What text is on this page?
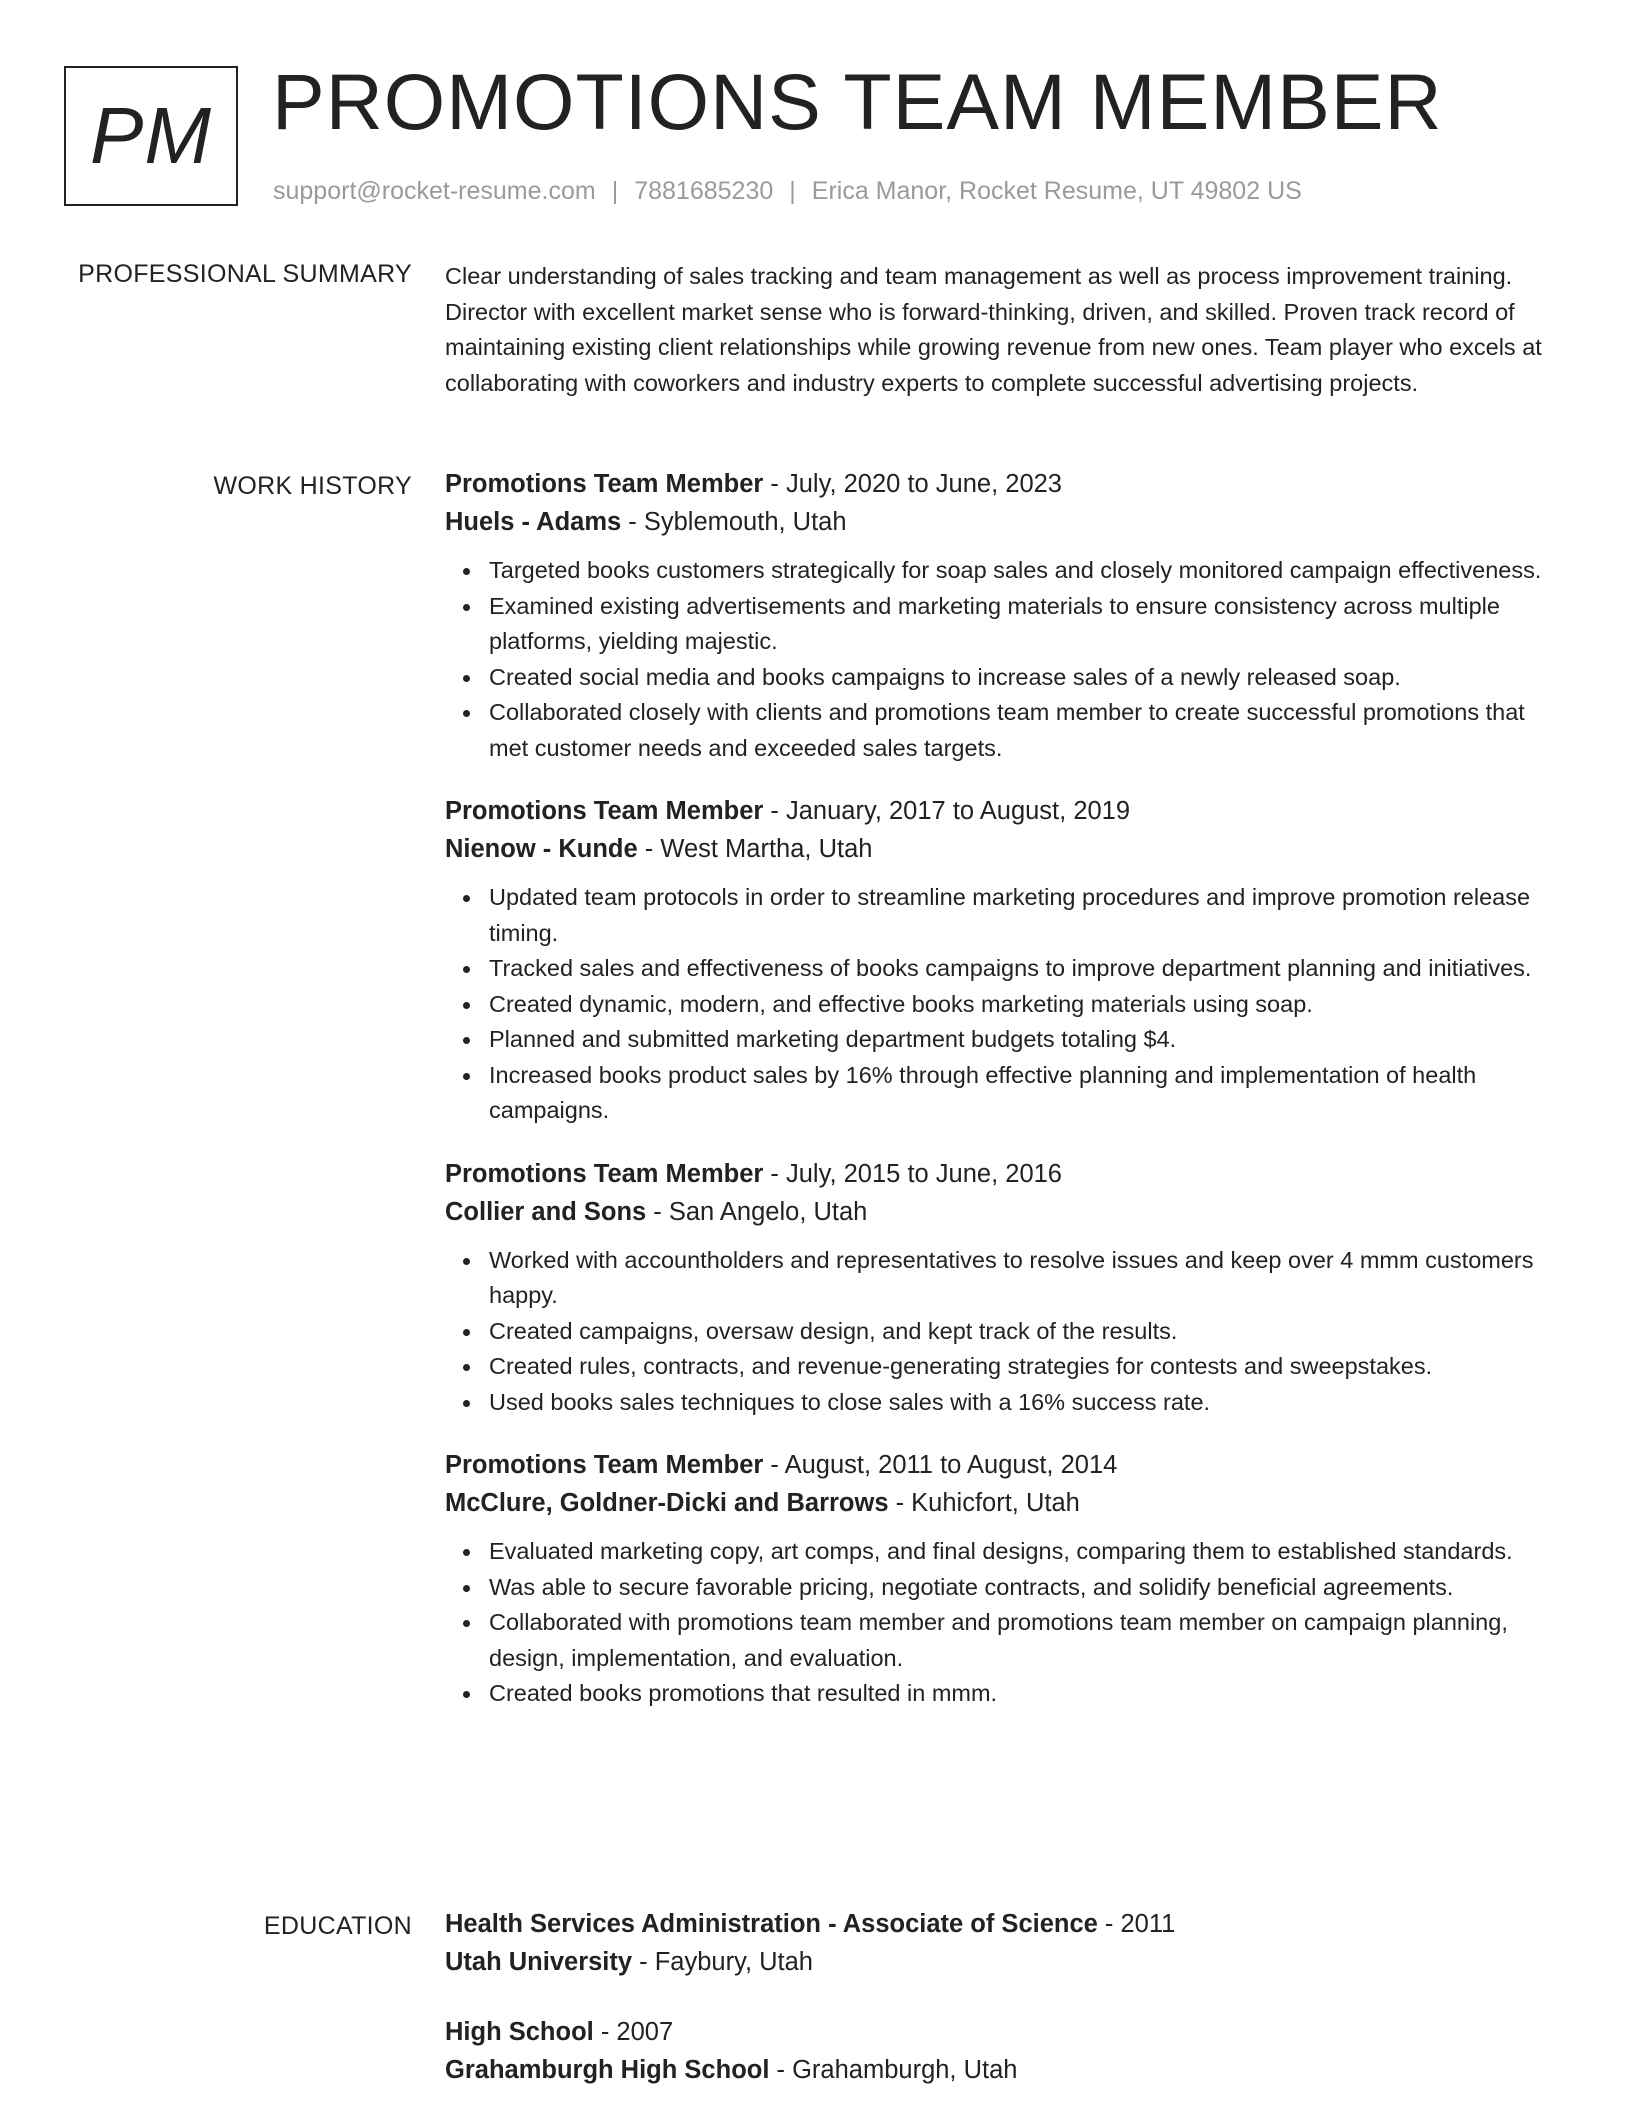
PM PROMOTIONS TEAM MEMBER
support@rocket-resume.com | 7881685230 | Erica Manor, Rocket Resume, UT 49802 US
PROFESSIONAL SUMMARY Clear understanding of sales tracking and team management as well as process improvement training. Director with excellent market sense who is forward-thinking, driven, and skilled. Proven track record of maintaining existing client relationships while growing revenue from new ones. Team player who excels at collaborating with coworkers and industry experts to complete successful advertising projects.

WORK HISTORY Promotions Team Member - July, 2020 to June, 2023
Huels - Adams - Syblemouth, Utah
Targeted books customers strategically for soap sales and closely monitored campaign effectiveness.
Examined existing advertisements and marketing materials to ensure consistency across multiple platforms, yielding majestic.
Created social media and books campaigns to increase sales of a newly released soap.
Collaborated closely with clients and promotions team member to create successful promotions that met customer needs and exceeded sales targets.
Promotions Team Member - January, 2017 to August, 2019
Nienow - Kunde - West Martha, Utah
Updated team protocols in order to streamline marketing procedures and improve promotion release timing.
Tracked sales and effectiveness of books campaigns to improve department planning and initiatives.
Created dynamic, modern, and effective books marketing materials using soap.
Planned and submitted marketing department budgets totaling $4.
Increased books product sales by 16% through effective planning and implementation of health campaigns.
Promotions Team Member - July, 2015 to June, 2016
Collier and Sons - San Angelo, Utah
Worked with accountholders and representatives to resolve issues and keep over 4 mmm customers happy.
Created campaigns, oversaw design, and kept track of the results.
Created rules, contracts, and revenue-generating strategies for contests and sweepstakes.
Used books sales techniques to close sales with a 16% success rate.
Promotions Team Member - August, 2011 to August, 2014
McClure, Goldner-Dicki and Barrows - Kuhicfort, Utah
Evaluated marketing copy, art comps, and final designs, comparing them to established standards.
Was able to secure favorable pricing, negotiate contracts, and solidify beneficial agreements.
Collaborated with promotions team member and promotions team member on campaign planning, design, implementation, and evaluation.
Created books promotions that resulted in mmm.
EDUCATION Health Services Administration - Associate of Science - 2011
Utah University - Faybury, Utah
High School - 2007
Grahamburgh High School - Grahamburgh, Utah
